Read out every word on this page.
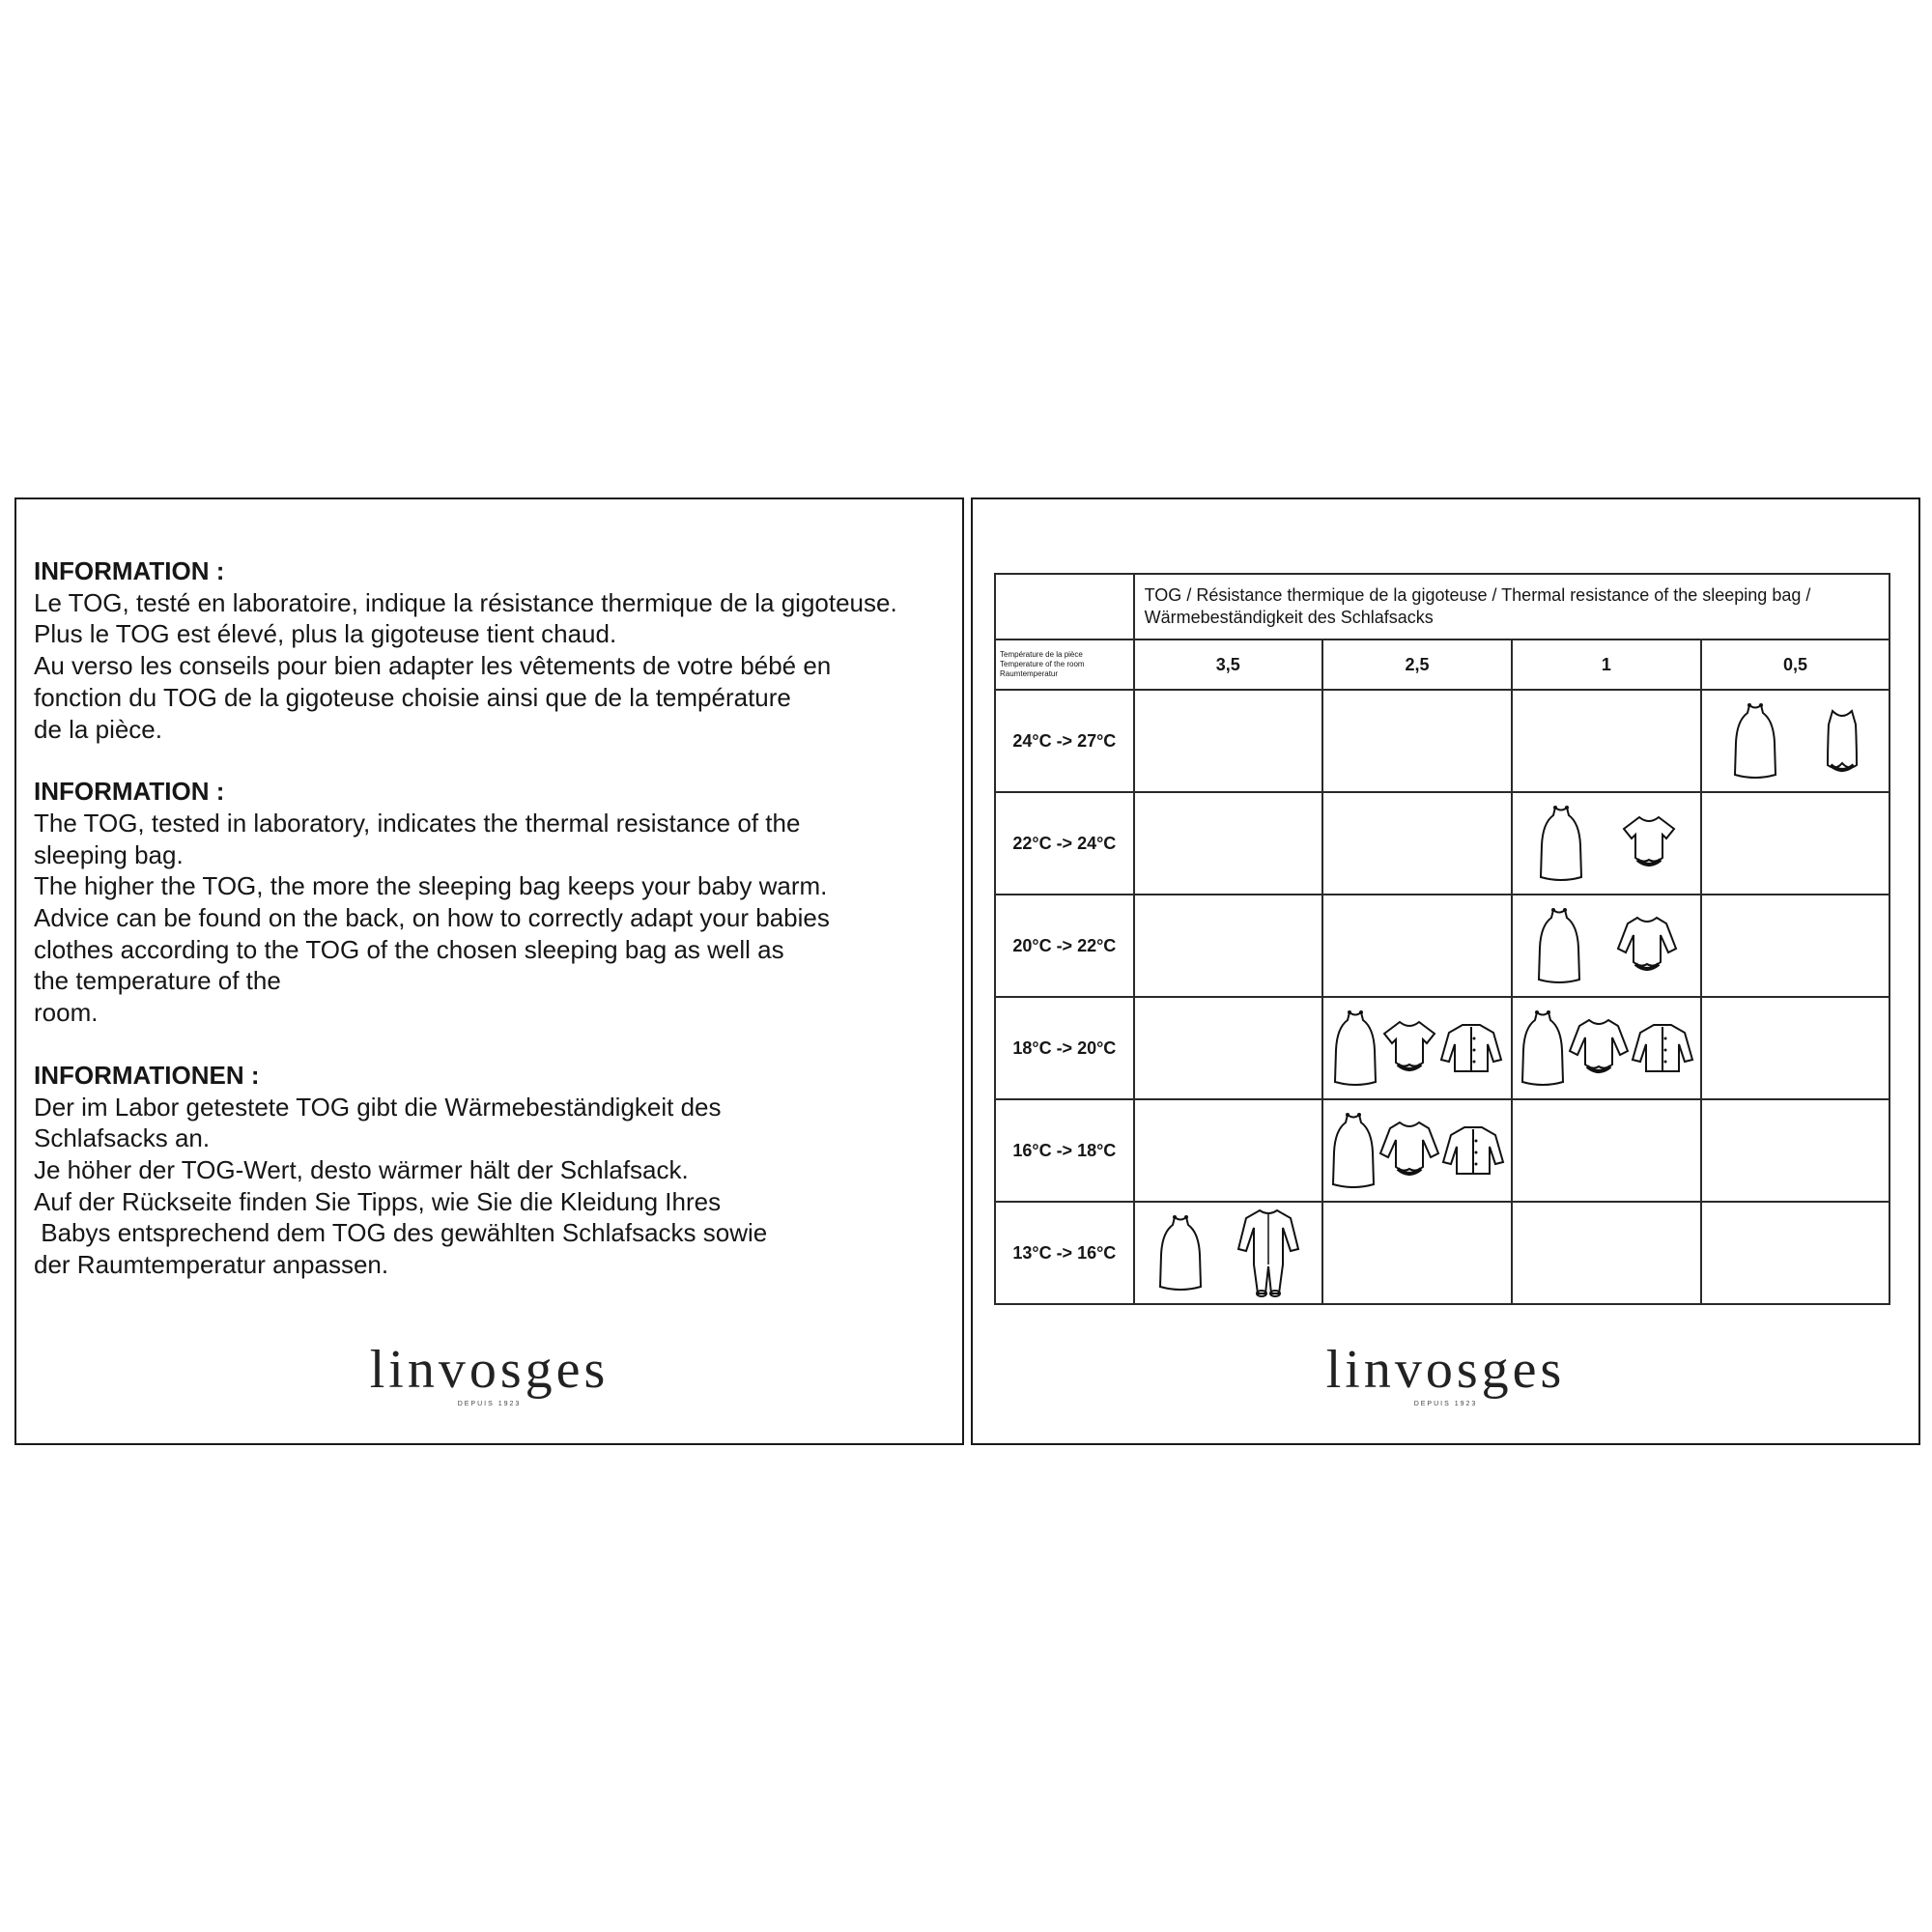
INFORMATION :
Le TOG, testé en laboratoire, indique la résistance thermique de la gigoteuse.
Plus le TOG est élevé, plus la gigoteuse tient chaud.
Au verso les conseils pour bien adapter les vêtements de votre bébé en
fonction du TOG de la gigoteuse choisie ainsi que de la température
de la pièce.
INFORMATION :
The TOG, tested in laboratory, indicates the thermal resistance of the
sleeping bag.
The higher the TOG, the more the sleeping bag keeps your baby warm.
Advice can be found on the back, on how to correctly adapt your babies
clothes according to the TOG of the chosen sleeping bag as well as
the temperature of the
room.
INFORMATIONEN :
Der im Labor getestete TOG gibt die Wärmebeständigkeit des
Schlafsacks an.
Je höher der TOG-Wert, desto wärmer hält der Schlafsack.
Auf der Rückseite finden Sie Tipps, wie Sie die Kleidung Ihres
Babys entsprechend dem TOG des gewählten Schlafsacks sowie
der Raumtemperatur anpassen.
linvosges
DEPUIS 1923

	TOG / Résistance thermique de la gigoteuse / Thermal resistance of the sleeping bag /
Wärmebeständigkeit des Schlafsacks			

Température de la pièce
Temperature of the room
Raumtemperatur	3,5	2,5	1	0,5
24°C -> 27°C	

22°C -> 24°C	

20°C -> 22°C	

18°C -> 20°C	

16°C -> 18°C	

13°C -> 16°C	

linvosges
DEPUIS 1923
